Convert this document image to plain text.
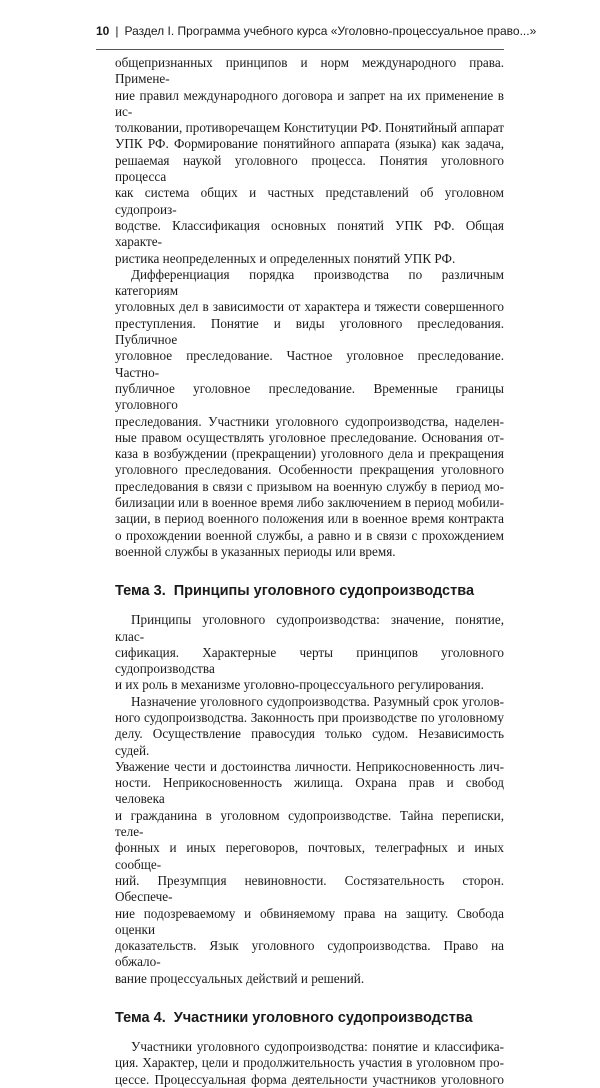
10 | Раздел I. Программа учебного курса «Уголовно-процессуальное право...»

общепризнанных принципов и норм международного права. Примене-
ние правил международного договора и запрет на их применение в ис-
толковании, противоречащем Конституции РФ. Понятийный аппарат
УПК РФ. Формирование понятийного аппарата (языка) как задача,
решаемая наукой уголовного процесса. Понятия уголовного процесса
как система общих и частных представлений об уголовном судопроиз-
водстве. Классификация основных понятий УПК РФ. Общая характе-
ристика неопределенных и определенных понятий УПК РФ.

Дифференциация порядка производства по различным категориям
уголовных дел в зависимости от характера и тяжести совершенного
преступления. Понятие и виды уголовного преследования. Публичное
уголовное преследование. Частное уголовное преследование. Частно-
публичное уголовное преследование. Временные границы уголовного
преследования. Участники уголовного судопроизводства, наделен-
ные правом осуществлять уголовное преследование. Основания от-
каза в возбуждении (прекращении) уголовного дела и прекращения
уголовного преследования. Особенности прекращения уголовного
преследования в связи с призывом на военную службу в период мо-
билизации или в военное время либо заключением в период мобили-
зации, в период военного положения или в военное время контракта
о прохождении военной службы, а равно и в связи с прохождением
военной службы в указанных периоды или время.

Тема 3. Принципы уголовного судопроизводства

Принципы уголовного судопроизводства: значение, понятие, клас-
сификация. Характерные черты принципов уголовного судопроизводства
и их роль в механизме уголовно-процессуального регулирования.

Назначение уголовного судопроизводства. Разумный срок уголов-
ного судопроизводства. Законность при производстве по уголовному
делу. Осуществление правосудия только судом. Независимость судей.
Уважение чести и достоинства личности. Неприкосновенность лич-
ности. Неприкосновенность жилища. Охрана прав и свобод человека
и гражданина в уголовном судопроизводстве. Тайна переписки, теле-
фонных и иных переговоров, почтовых, телеграфных и иных сообще-
ний. Презумпция невиновности. Состязательность сторон. Обеспече-
ние подозреваемому и обвиняемому права на защиту. Свобода оценки
доказательств. Язык уголовного судопроизводства. Право на обжало-
вание процессуальных действий и решений.

Тема 4. Участники уголовного судопроизводства

Участники уголовного судопроизводства: понятие и классифика-
ция. Характер, цели и продолжительность участия в уголовном про-
цессе. Процессуальная форма деятельности участников уголовного
